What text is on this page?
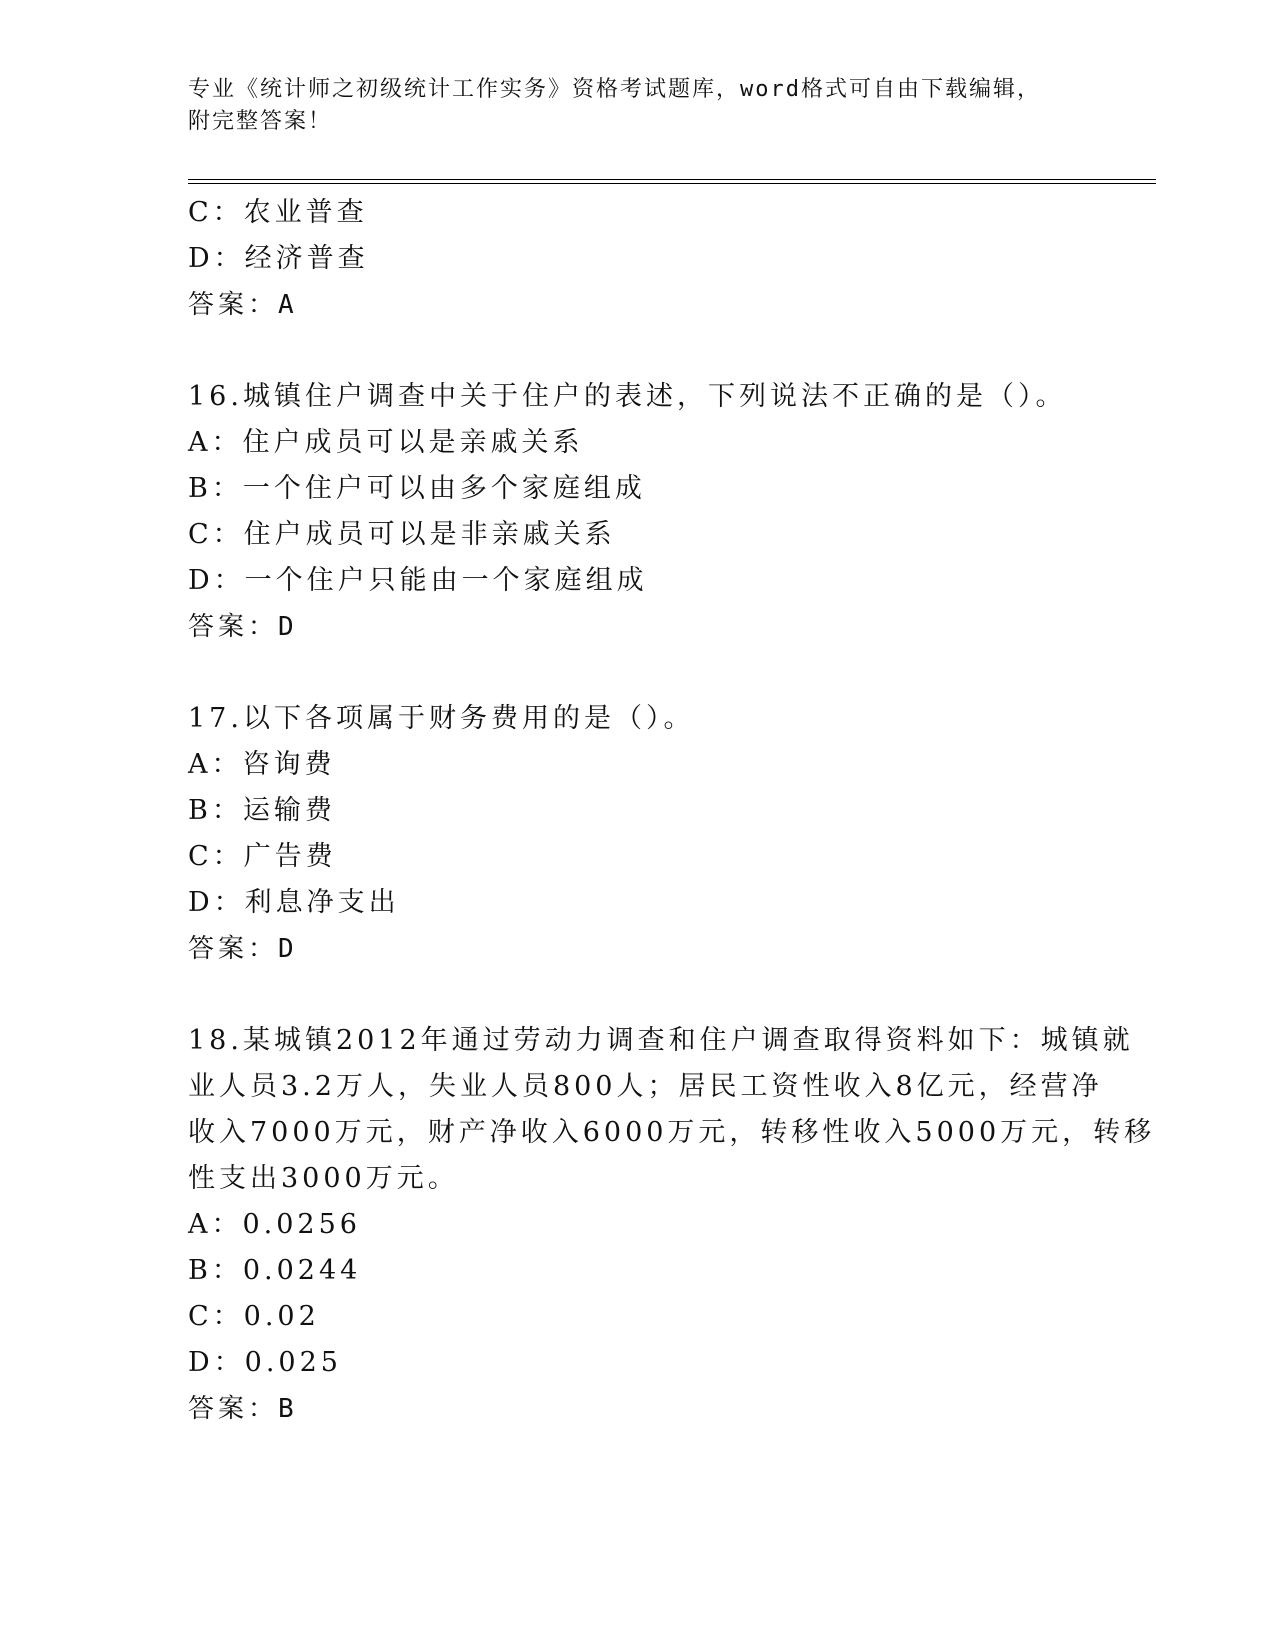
专业《统计师之初级统计工作实务》资格考试题库，word格式可自由下载编辑，
附完整答案！
C：农业普查
D：经济普查
答案：A
16.城镇住户调查中关于住户的表述，下列说法不正确的是（）。
A：住户成员可以是亲戚关系
B：一个住户可以由多个家庭组成
C：住户成员可以是非亲戚关系
D：一个住户只能由一个家庭组成
答案：D
17.以下各项属于财务费用的是（）。
A：咨询费
B：运输费
C：广告费
D：利息净支出
答案：D
18.某城镇2012年通过劳动力调查和住户调查取得资料如下：城镇就
业人员3.2万人，失业人员800人；居民工资性收入8亿元，经营净
收入7000万元，财产净收入6000万元，转移性收入5000万元，转移
性支出3000万元。
A：0.0256
B：0.0244
C：0.02
D：0.025
答案：B
